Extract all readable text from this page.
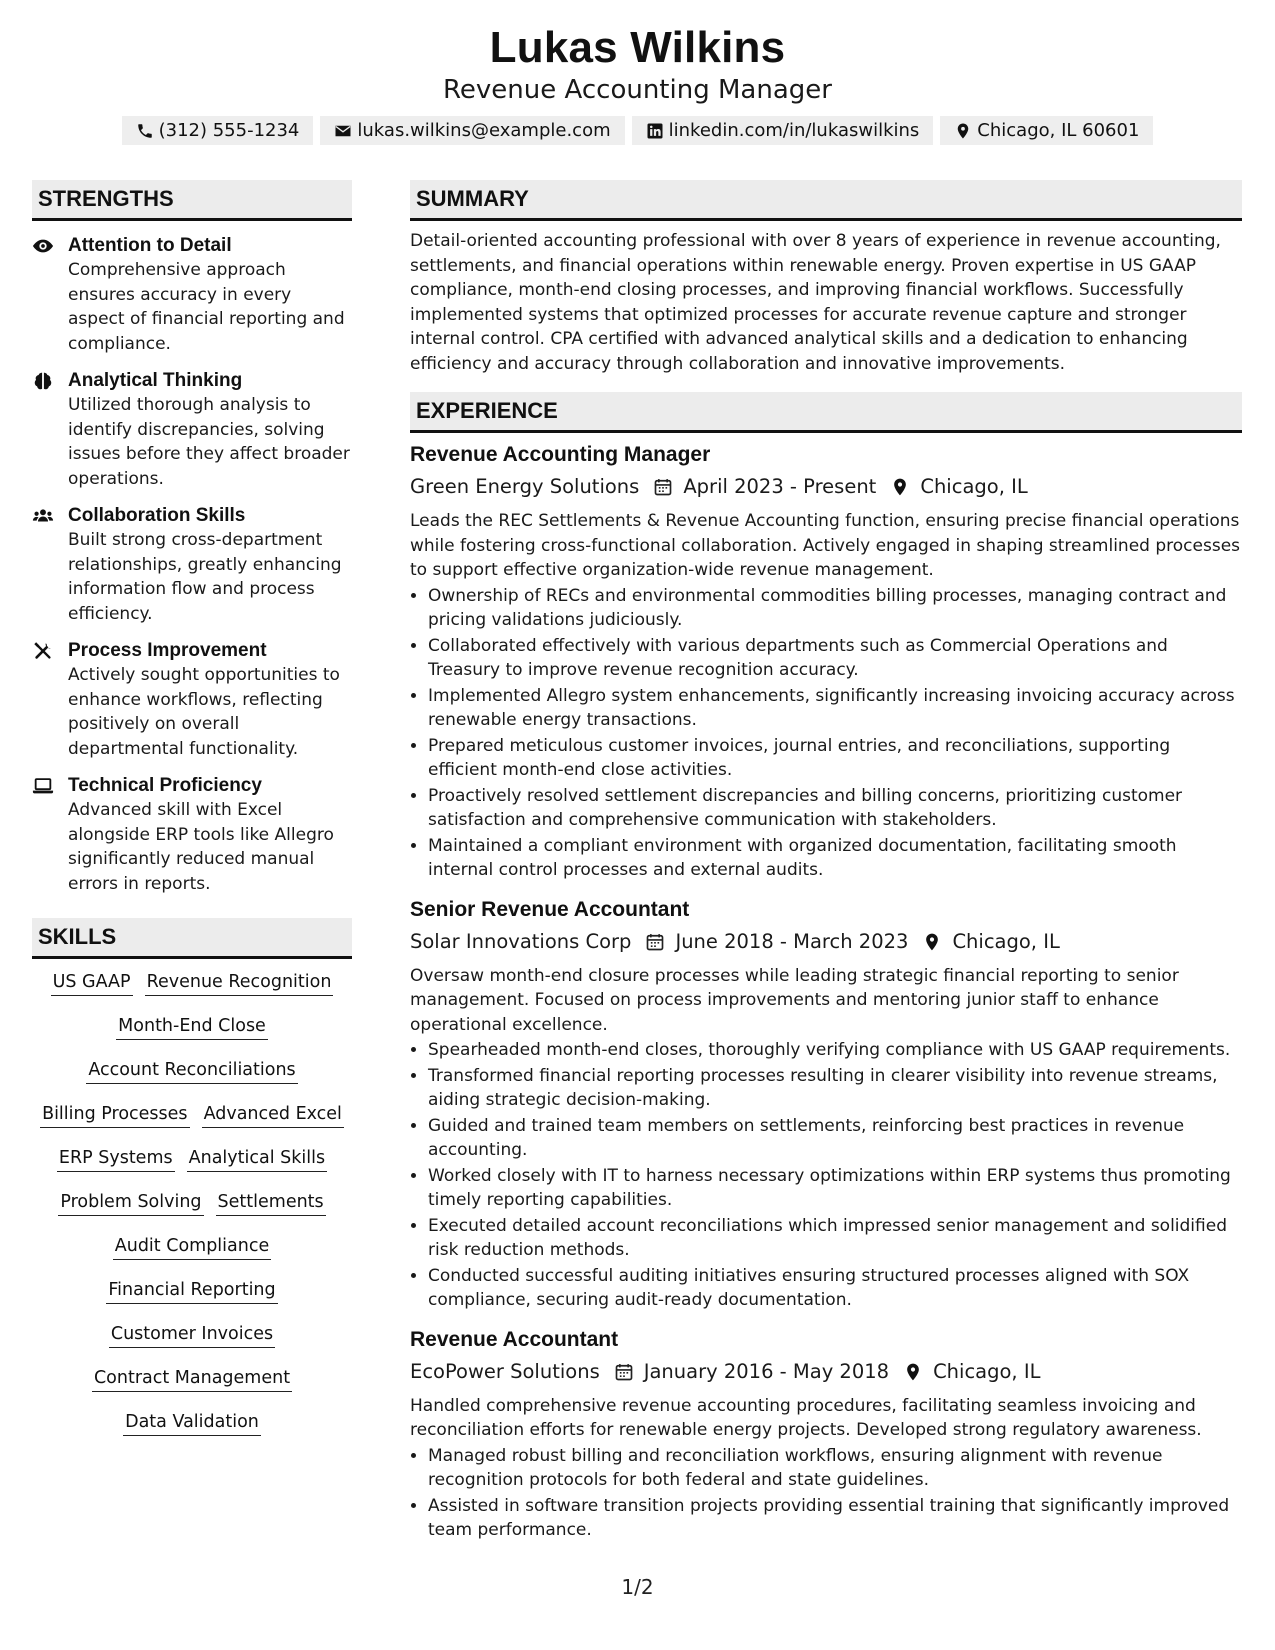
Lukas Wilkins
Revenue Accounting Manager
(312) 555-1234	lukas.wilkins@example.com	linkedin.com/in/lukaswilkins	Chicago, IL 60601
STRENGTHS
Attention to Detail
Comprehensive approach ensures accuracy in every aspect of financial reporting and compliance.
Analytical Thinking
Utilized thorough analysis to identify discrepancies, solving issues before they affect broader operations.
Collaboration Skills
Built strong cross-department relationships, greatly enhancing information flow and process efficiency.
Process Improvement
Actively sought opportunities to enhance workflows, reflecting positively on overall departmental functionality.
Technical Proficiency
Advanced skill with Excel alongside ERP tools like Allegro significantly reduced manual errors in reports.
SKILLS
US GAAP Revenue Recognition
Month-End Close
Account Reconciliations
Billing Processes Advanced Excel
ERP Systems Analytical Skills
Problem Solving Settlements
Audit Compliance
Financial Reporting
Customer Invoices
Contract Management
Data Validation
SUMMARY
Detail-oriented accounting professional with over 8 years of experience in revenue accounting, settlements, and financial operations within renewable energy. Proven expertise in US GAAP compliance, month-end closing processes, and improving financial workflows. Successfully implemented systems that optimized processes for accurate revenue capture and stronger internal control. CPA certified with advanced analytical skills and a dedication to enhancing efficiency and accuracy through collaboration and innovative improvements.
EXPERIENCE
Revenue Accounting Manager
Green Energy Solutions April 2023 - Present Chicago, IL
Leads the REC Settlements & Revenue Accounting function, ensuring precise financial operations while fostering cross-functional collaboration. Actively engaged in shaping streamlined processes to support effective organization-wide revenue management.
• Ownership of RECs and environmental commodities billing processes, managing contract and pricing validations judiciously.
• Collaborated effectively with various departments such as Commercial Operations and Treasury to improve revenue recognition accuracy.
• Implemented Allegro system enhancements, significantly increasing invoicing accuracy across renewable energy transactions.
• Prepared meticulous customer invoices, journal entries, and reconciliations, supporting efficient month-end close activities.
• Proactively resolved settlement discrepancies and billing concerns, prioritizing customer satisfaction and comprehensive communication with stakeholders.
• Maintained a compliant environment with organized documentation, facilitating smooth internal control processes and external audits.
Senior Revenue Accountant
Solar Innovations Corp June 2018 - March 2023 Chicago, IL
Oversaw month-end closure processes while leading strategic financial reporting to senior management. Focused on process improvements and mentoring junior staff to enhance operational excellence.
• Spearheaded month-end closes, thoroughly verifying compliance with US GAAP requirements.
• Transformed financial reporting processes resulting in clearer visibility into revenue streams, aiding strategic decision-making.
• Guided and trained team members on settlements, reinforcing best practices in revenue accounting.
• Worked closely with IT to harness necessary optimizations within ERP systems thus promoting timely reporting capabilities.
• Executed detailed account reconciliations which impressed senior management and solidified risk reduction methods.
• Conducted successful auditing initiatives ensuring structured processes aligned with SOX compliance, securing audit-ready documentation.
Revenue Accountant
EcoPower Solutions January 2016 - May 2018 Chicago, IL
Handled comprehensive revenue accounting procedures, facilitating seamless invoicing and reconciliation efforts for renewable energy projects. Developed strong regulatory awareness.
• Managed robust billing and reconciliation workflows, ensuring alignment with revenue recognition protocols for both federal and state guidelines.
• Assisted in software transition projects providing essential training that significantly improved team performance.
1/2
